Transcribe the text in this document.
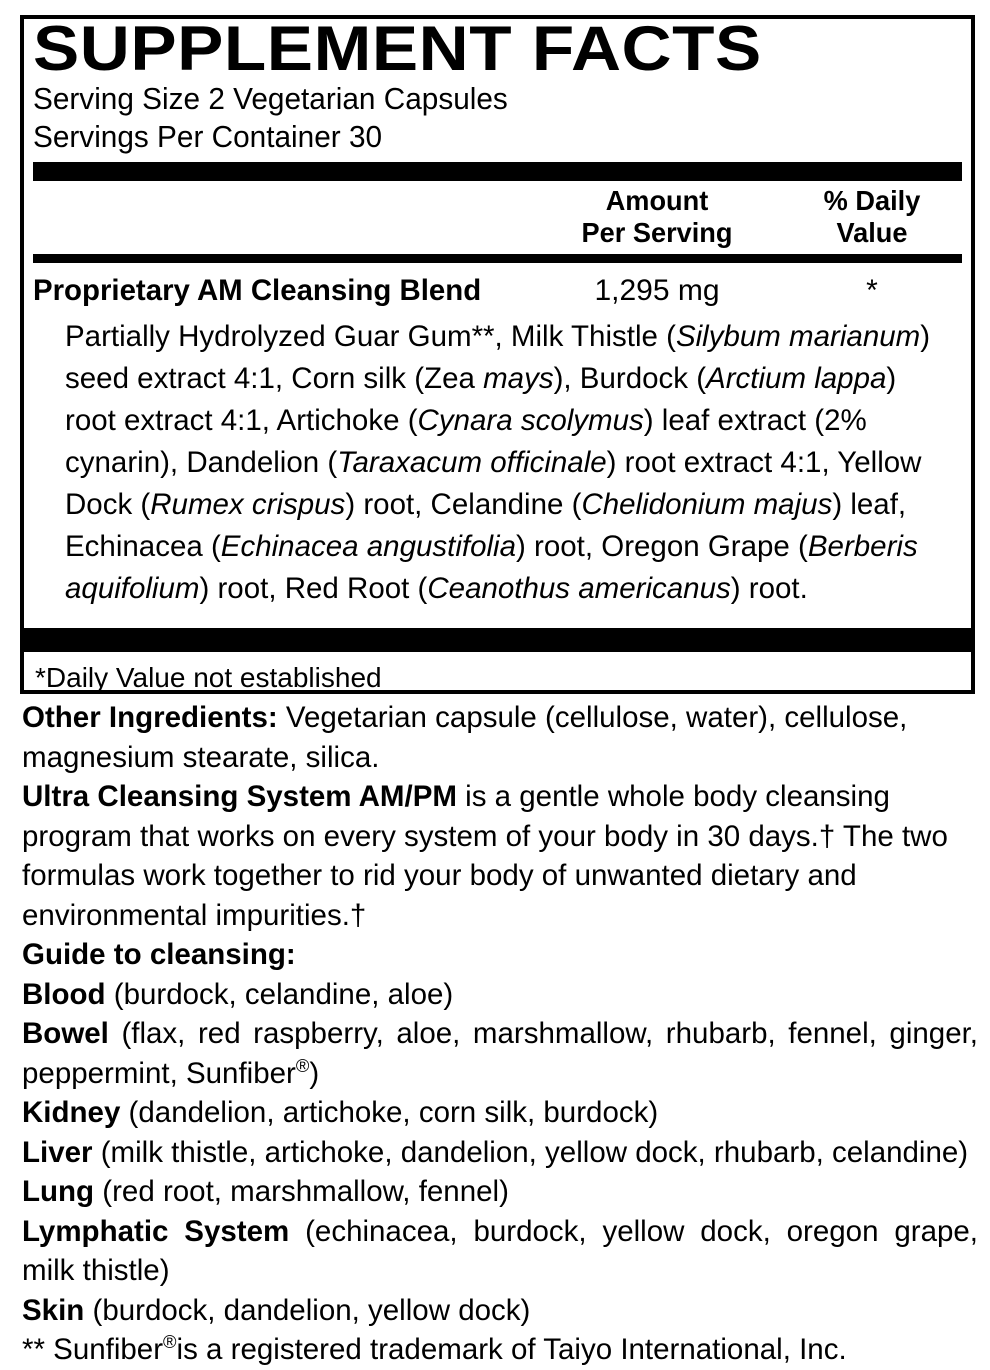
SUPPLEMENT FACTS
Serving Size 2 Vegetarian Capsules
Servings Per Container 30
Amount
Per Serving
% Daily
Value
Proprietary AM Cleansing Blend	1,295 mg	*
Partially Hydrolyzed Guar Gum**, Milk Thistle (Silybum marianum) seed extract 4:1, Corn silk (Zea mays), Burdock (Arctium lappa) root extract 4:1, Artichoke (Cynara scolymus) leaf extract (2% cynarin), Dandelion (Taraxacum officinale) root extract 4:1, Yellow Dock (Rumex crispus) root, Celandine (Chelidonium majus) leaf, Echinacea (Echinacea angustifolia) root, Oregon Grape (Berberis aquifolium) root, Red Root (Ceanothus americanus) root.
*Daily Value not established

Other Ingredients: Vegetarian capsule (cellulose, water), cellulose, magnesium stearate, silica.

Ultra Cleansing System AM/PM is a gentle whole body cleansing program that works on every system of your body in 30 days.† The two formulas work together to rid your body of unwanted dietary and environmental impurities.†

Guide to cleansing:

Blood (burdock, celandine, aloe)

Bowel (flax, red raspberry, aloe, marshmallow, rhubarb, fennel, ginger, peppermint, Sunfiber®)

Kidney (dandelion, artichoke, corn silk, burdock)

Liver (milk thistle, artichoke, dandelion, yellow dock, rhubarb, celandine)

Lung (red root, marshmallow, fennel)

Lymphatic System (echinacea, burdock, yellow dock, oregon grape, milk thistle)

Skin (burdock, dandelion, yellow dock)

** Sunfiber®is a registered trademark of Taiyo International, Inc.
